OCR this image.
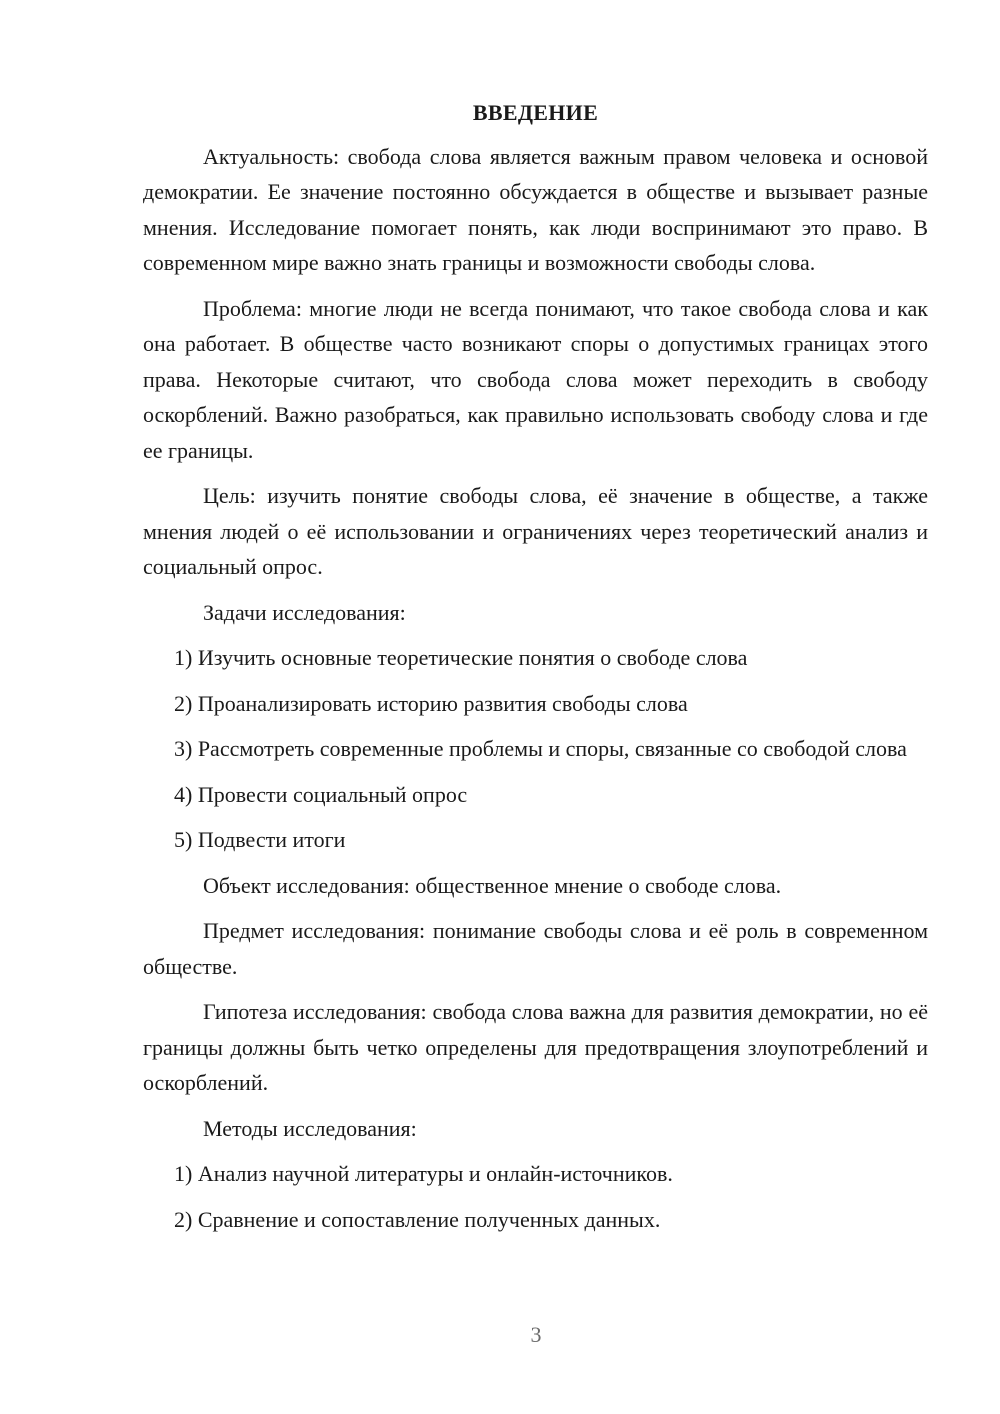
ВВЕДЕНИЕ

Актуальность: свобода слова является важным правом человека и основой демократии. Ее значение постоянно обсуждается в обществе и вызывает разные мнения. Исследование помогает понять, как люди воспринимают это право. В современном мире важно знать границы и возможности свободы слова.

Проблема: многие люди не всегда понимают, что такое свобода слова и как она работает. В обществе часто возникают споры о допустимых границах этого права. Некоторые считают, что свобода слова может переходить в свободу оскорблений. Важно разобраться, как правильно использовать свободу слова и где ее границы.

Цель: изучить понятие свободы слова, её значение в обществе, а также мнения людей о её использовании и ограничениях через теоретический анализ и социальный опрос.

Задачи исследования:

1) Изучить основные теоретические понятия о свободе слова

2) Проанализировать историю развития свободы слова

3) Рассмотреть современные проблемы и споры, связанные со свободой слова

4) Провести социальный опрос

5) Подвести итоги

Объект исследования: общественное мнение о свободе слова.

Предмет исследования: понимание свободы слова и её роль в современном обществе.

Гипотеза исследования: свобода слова важна для развития демократии, но её границы должны быть четко определены для предотвращения злоупотреблений и оскорблений.

Методы исследования:

1) Анализ научной литературы и онлайн-источников.

2) Сравнение и сопоставление полученных данных.

3
